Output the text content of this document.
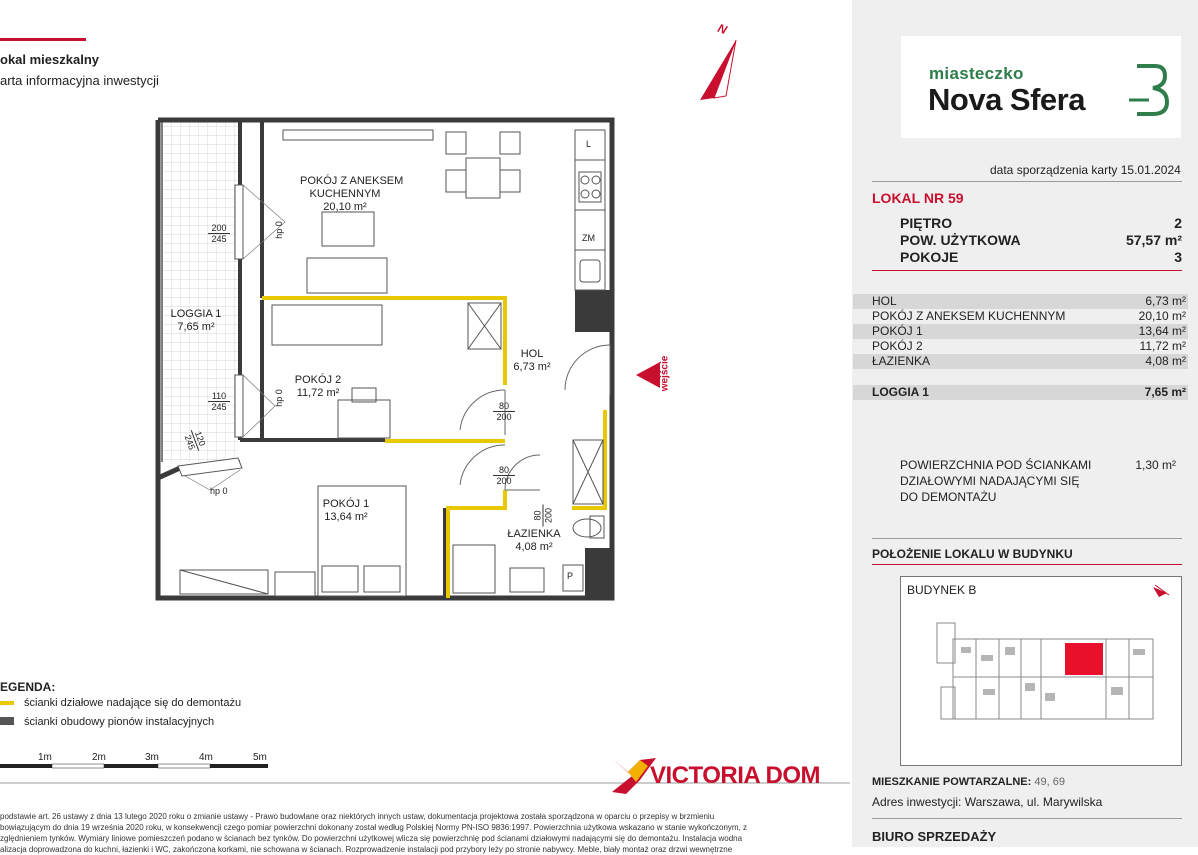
okal mieszkalny
arta informacyjna inwestycji
POKÓJ Z ANEKSEM
KUCHENNYM
20,10 m²
HOL
6,73 m²
LOGGIA 1
7,65 m²
POKÓJ 2
11,72 m²
POKÓJ 1
13,64 m²
ŁAZIENKA
4,08 m²
200
245
hp 0
110
245
hp 0
120
245
hp 0
80
200
80
200
80 200
L
ZM
P
N
wejście
EGENDA:
ścianki działowe nadające się do demontażu
ścianki obudowy pionów instalacyjnych
1m	2m	3m	4m	5m
VICTORIA DOM
podstawie art. 26 ustawy z dnia 13 lutego 2020 roku o zmianie ustawy - Prawo budowlane oraz niektórych innych ustaw, dokumentacja projektowa została sporządzona w oparciu o przepisy w brzmieniu
bowiązującym do dnia 19 września 2020 roku, w konsekwencji czego pomiar powierzchni dokonany został według Polskiej Normy PN-ISO 9836:1997. Powierzchnia użytkowa wskazano w stanie wykończonym, z
zględnieniem tynków. Wymiary liniowe pomieszczeń podano w ścianach bez tynków. Do powierzchni użytkowej wlicza się powierzchnię pod ścianami działowymi nadającymi się do demontażu. Instalacja wodna
alizacja doprowadzona do kuchni, łazienki i WC, zakończona korkami, nie schowana w ścianach. Rozprowadzenie instalacji pod przybory leży po stronie nabywcy. Meble, biały montaż oraz drzwi wewnętrzne
miasteczko
Nova Sfera
data sporządzenia karty 15.01.2024
LOKAL NR 59
PIĘTRO	2
POW. UŻYTKOWA	57,57 m²
POKOJE	3
HOL	6,73 m²
POKÓJ Z ANEKSEM KUCHENNYM	20,10 m²
POKÓJ 1	13,64 m²
POKÓJ 2	11,72 m²
ŁAZIENKA	4,08 m²
LOGGIA 1	7,65 m²
POWIERZCHNIA POD ŚCIANKAMI
DZIAŁOWYMI NADAJĄCYMI SIĘ
DO DEMONTAŻU
1,30 m²
POŁOŻENIE LOKALU W BUDYNKU
BUDYNEK B
MIESZKANIE POWTARZALNE: 49, 69
Adres inwestycji: Warszawa, ul. Marywilska
BIURO SPRZEDAŻY
